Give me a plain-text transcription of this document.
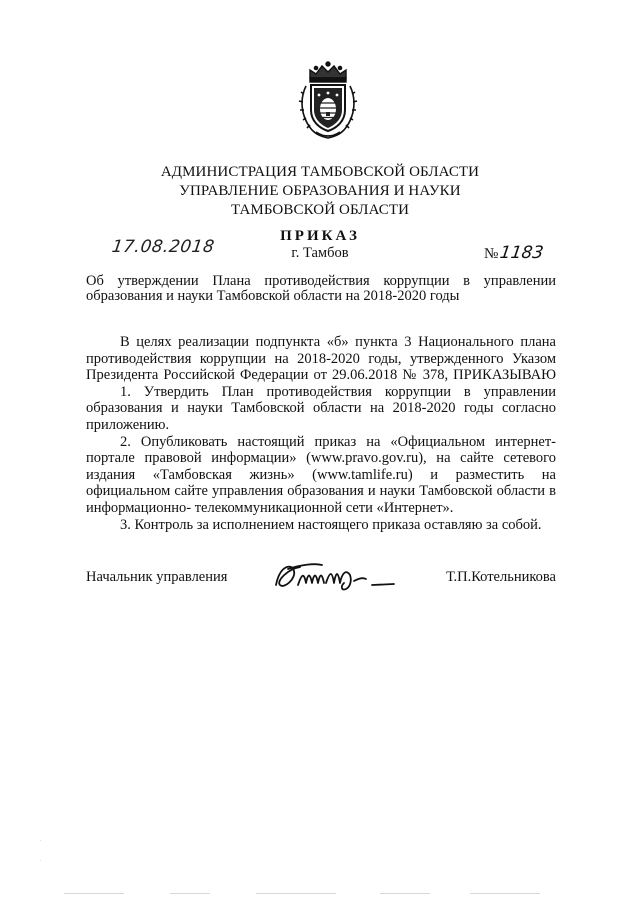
АДМИНИСТРАЦИЯ ТАМБОВСКОЙ ОБЛАСТИ
УПРАВЛЕНИЕ ОБРАЗОВАНИЯ И НАУКИ
ТАМБОВСКОЙ ОБЛАСТИ
ПРИКАЗ
17.08.2018	г. Тамбов	№1183
Об утверждении Плана противодействия коррупции в управлении
образования и науки Тамбовской области на 2018-2020 годы
В целях реализации подпункта «б» пункта 3 Национального плана
противодействия коррупции на 2018-2020 годы, утвержденного Указом
Президента Российской Федерации от 29.06.2018 № 378, ПРИКАЗЫВАЮ
1. Утвердить План противодействия коррупции в управлении
образования и науки Тамбовской области на 2018-2020 годы согласно
приложению.
2. Опубликовать настоящий приказ на «Официальном интернет-
портале правовой информации» (www.pravo.gov.ru), на сайте сетевого
издания «Тамбовская жизнь» (www.tamlife.ru) и разместить на
официальном сайте управления образования и науки Тамбовской области в
информационно- телекоммуникационной сети «Интернет».
3. Контроль за исполнением настоящего приказа оставляю за собой.
Начальник управления	Т.П.Котельникова
